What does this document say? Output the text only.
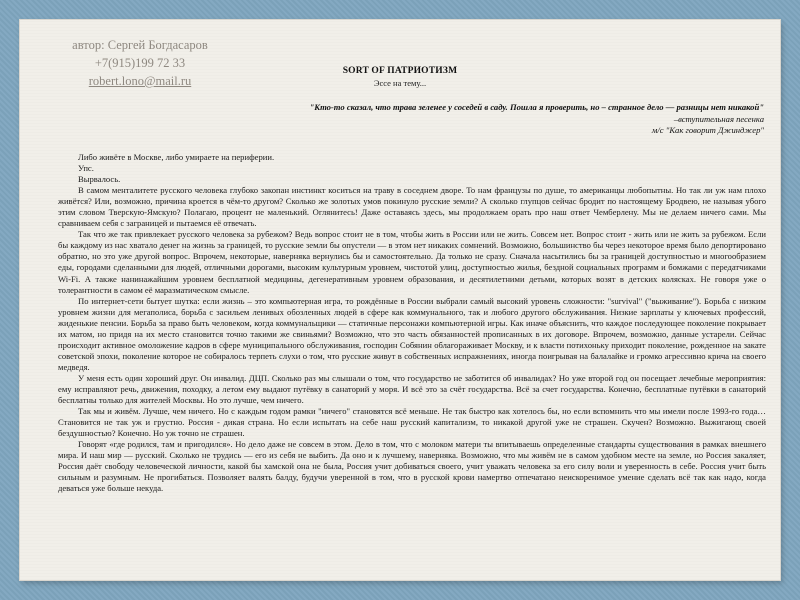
автор: Сергей Богдасаров
+7(915)199 72 33
robert.lono@mail.ru
SORT OF ПАТРИОТИЗМ
Эссе на тему...
"Кто-то сказал, что трава зеленее у соседей в саду. Пошла я проверить, но – странное дело — разницы нет никакой"
–вступительная песенка
м/с "Как говорит Джинджер"

Либо живёте в Москве, либо умираете на периферии.

Упс.

Вырвалось.

В самом менталитете русского человека глубоко закопан инстинкт коситься на траву в соседнем дворе. То нам французы по душе, то американцы любопытны. Но так ли уж нам плохо живётся? Или, возможно, причина кроется в чём-то другом? Сколько же золотых умов покинуло русские земли? А сколько глупцов сейчас бродит по настоящему Бродвею, не называя убого этим словом Тверскую-Ямскую? Полагаю, процент не маленький. Оглянитесь! Даже оставаясь здесь, мы продолжаем орать про наш ответ Чемберлену. Мы не делаем ничего сами. Мы сравниваем себя с заграницей и пытаемся её отвечать.

Так что же так привлекает русского человека за рубежом? Ведь вопрос стоит не в том, чтобы жить в России или не жить. Совсем нет. Вопрос стоит - жить или не жить за рубежом. Если бы каждому из нас хватало денег на жизнь за границей, то русские земли бы опустели — в этом нет никаких сомнений. Возможно, большинство бы через некоторое время было депортировано обратно, но это уже другой вопрос. Впрочем, некоторые, наверняка вернулись бы и самостоятельно. Да только не сразу. Сначала насытились бы за границей доступностью и многообразием еды, городами сделанными для людей, отличными дорогами, высоким культурным уровнем, чистотой улиц, доступностью жилья, бездной социальных программ и бомжами с передатчиками Wi-Fi. А также нанинажайшим уровнем бесплатной медицины, дегенеративным уровнем образования, и десятилетними детьми, которых возят в детских колясках. Не говоря уже о толерантности в самом её маразматическом смысле.

По интернет-сети бытует шутка: если жизнь – это компьютерная игра, то рождённые в России выбрали самый высокий уровень сложности: "survival" ("выживание"). Борьба с низким уровнем жизни для мегаполиса, борьба с засильем ленивых обозленных людей в сфере как коммунального, так и любого другого обслуживания. Низкие зарплаты у ключевых профессий, жиденькие пенсии. Борьба за право быть человеком, когда коммунальщики — статичные персонажи компьютерной игры. Как иначе объяснить, что каждое последующее поколение покрывает их матом, но придя на их место становится точно такими же свиньями? Возможно, что это часть обязанностей прописанных в их договоре. Впрочем, возможно, данные устарели. Сейчас происходит активное омоложение кадров в сфере муниципального обслуживания, господин Собянин облагораживает Москву, и к власти потихоньку приходит поколение, рожденное на закате советской эпохи, поколение которое не собиралось терпеть слухи о том, что русские живут в собственных испражнениях, иногда поигрывая на балалайке и громко агрессивно крича на своего медведя.

У меня есть один хороший друг. Он инвалид. ДЦП. Сколько раз мы слышали о том, что государство не заботится об инвалидах? Но уже второй год он посещает лечебные мероприятия: ему исправляют речь, движения, походку, а летом ему выдают путёвку в санаторий у моря. И всё это за счёт государства. Всё за счет государства. Конечно, бесплатные путёвки в санаторий бесплатны только для жителей Москвы. Но это лучше, чем ничего.

Так мы и живём. Лучше, чем ничего. Но с каждым годом рамки "ничего" становятся всё меньше. Не так быстро как хотелось бы, но если вспомнить что мы имели после 1993-го года… Становится не так уж и грустно. Россия - дикая страна. Но если испытать на себе наш русский капитализм, то никакой другой уже не страшен. Скучен? Возможно. Выжигающ своей бездушностью? Конечно. Но уж точно не страшен.

Говорят «где родился, там и пригодился». Но дело даже не совсем в этом. Дело в том, что с молоком матери ты впитываешь определенные стандарты существования в рамках внешнего мира. И наш мир — русский. Сколько не трудись — его из себя не выбить. Да оно и к лучшему, наверняка. Возможно, что мы живём не в самом удобном месте на земле, но Россия закаляет, Россия даёт свободу человеческой личности, какой бы хамской она не была, Россия учит добиваться своего, учит уважать человека за его силу воли и уверенность в себе. Россия учит быть сильным и разумным. Не прогибаться. Позволяет валять балду, будучи уверенной в том, что в русской крови намертво отпечатано неискоренимое умение сделать всё так как надо, когда деваться уже больше некуда.
